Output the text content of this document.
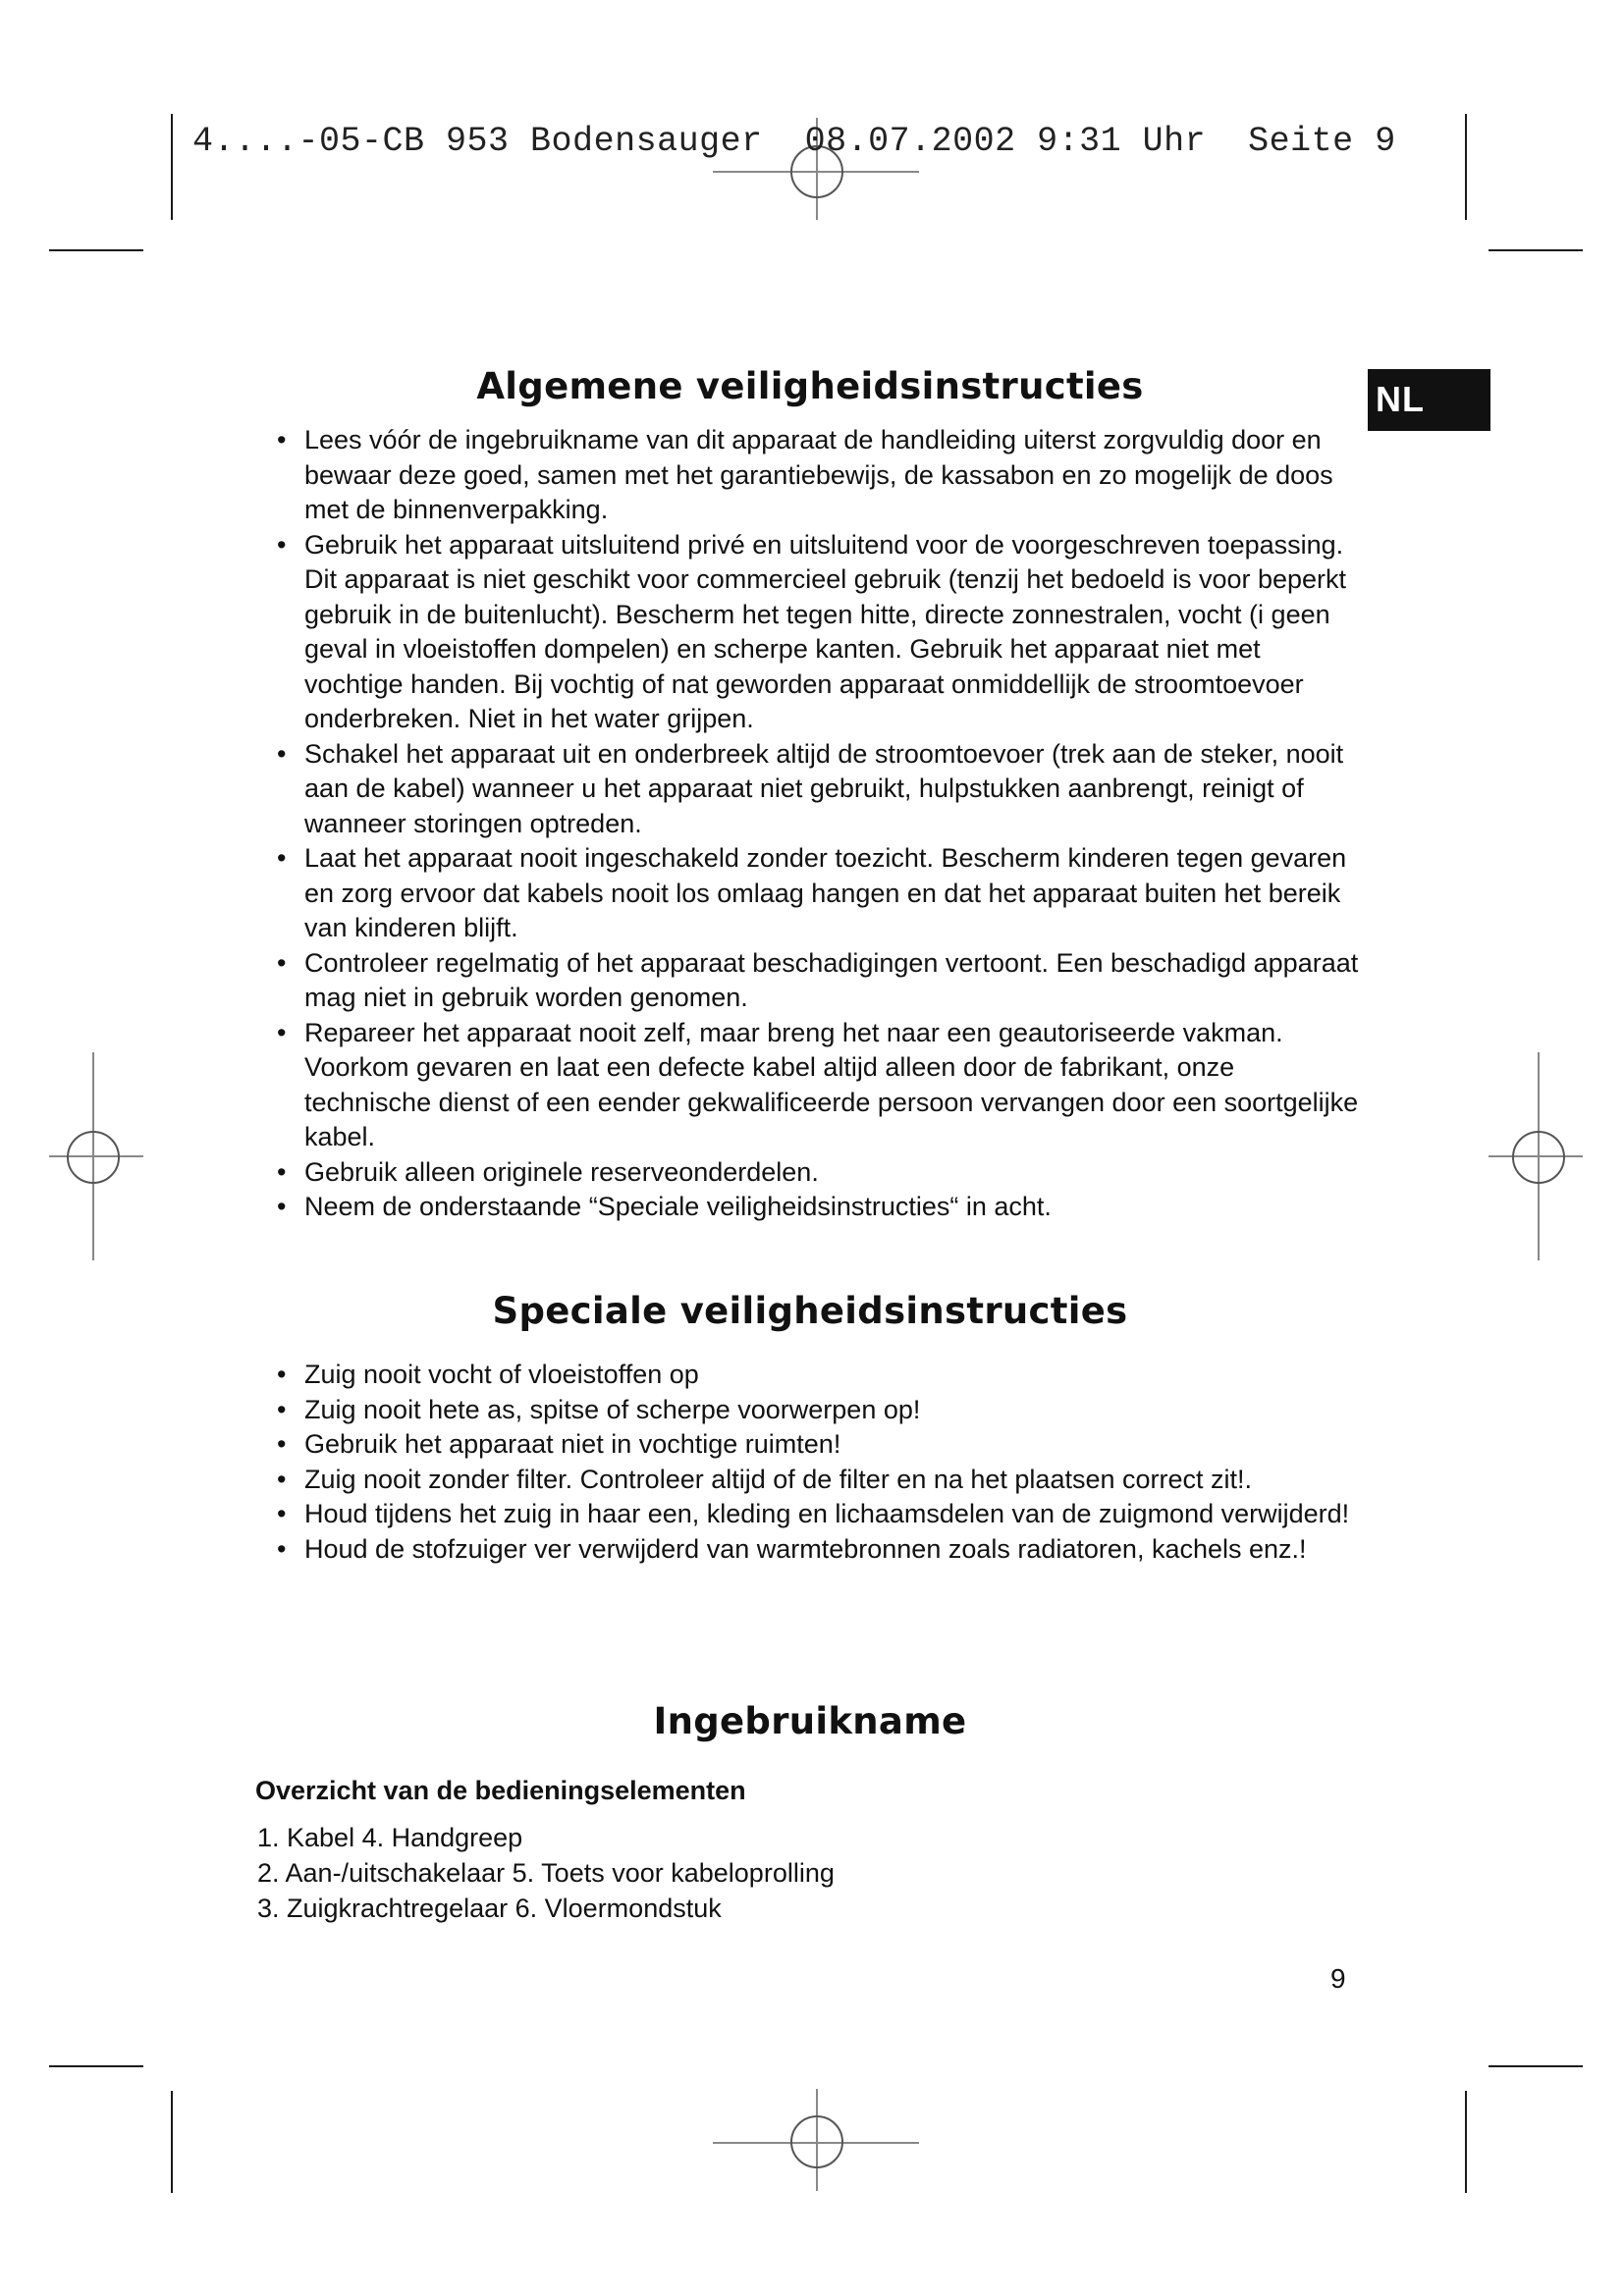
4....-05-CB 953 Bodensauger  08.07.2002 9:31 Uhr  Seite 9
NL
Algemene veiligheidsinstructies
• Lees vóór de ingebruikname van dit apparaat de handleiding uiterst zorgvuldig door en bewaar deze goed, samen met het garantiebewijs, de kassabon en zo mogelijk de doos met de binnenverpakking.
• Gebruik het apparaat uitsluitend privé en uitsluitend voor de voorgeschreven toepassing. Dit apparaat is niet geschikt voor commercieel gebruik (tenzij het bedoeld is voor beperkt gebruik in de buitenlucht). Bescherm het tegen hitte, directe zonnestralen, vocht (i geen geval in vloeistoffen dompelen) en scherpe kanten. Gebruik het apparaat niet met vochtige handen. Bij vochtig of nat geworden apparaat onmiddellijk de stroomtoevoer onderbreken. Niet in het water grijpen.
• Schakel het apparaat uit en onderbreek altijd de stroomtoevoer (trek aan de steker, nooit aan de kabel) wanneer u het apparaat niet gebruikt, hulpstukken aanbrengt, reinigt of wanneer storingen optreden.
• Laat het apparaat nooit ingeschakeld zonder toezicht. Bescherm kinderen tegen gevaren en zorg ervoor dat kabels nooit los omlaag hangen en dat het apparaat buiten het bereik van kinderen blijft.
• Controleer regelmatig of het apparaat beschadigingen vertoont. Een beschadigd apparaat mag niet in gebruik worden genomen.
• Repareer het apparaat nooit zelf, maar breng het naar een geautoriseerde vakman. Voorkom gevaren en laat een defecte kabel altijd alleen door de fabrikant, onze technische dienst of een eender gekwalificeerde persoon vervangen door een soortgelijke kabel.
• Gebruik alleen originele reserveonderdelen.
• Neem de onderstaande “Speciale veiligheidsinstructies“ in acht.
Speciale veiligheidsinstructies
• Zuig nooit vocht of vloeistoffen op
• Zuig nooit hete as, spitse of scherpe voorwerpen op!
• Gebruik het apparaat niet in vochtige ruimten!
• Zuig nooit zonder filter. Controleer altijd of de filter en na het plaatsen correct zit!.
• Houd tijdens het zuig in haar een, kleding en lichaamsdelen van de zuigmond verwijderd!
• Houd de stofzuiger ver verwijderd van warmtebronnen zoals radiatoren, kachels enz.!
Ingebruikname

Overzicht van de bedieningselementen

1. Kabel 4. Handgreep
2. Aan-/uitschakelaar 5. Toets voor kabeloprolling
3. Zuigkrachtregelaar 6. Vloermondstuk
9
